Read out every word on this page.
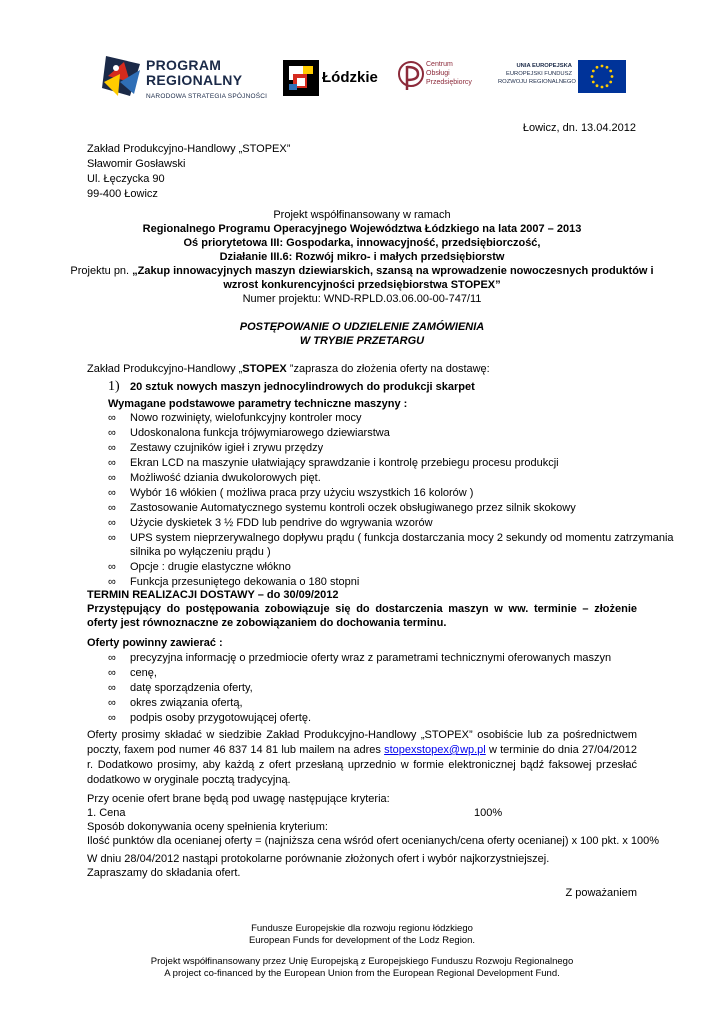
PROGRAM
REGIONALNY
NARODOWA STRATEGIA SPÓJNOŚCI
Łódzkie
Centrum
Obsługi
Przedsiębiorcy
UNIA EUROPEJSKA
EUROPEJSKI FUNDUSZ
ROZWOJU REGIONALNEGO
Łowicz, dn. 13.04.2012
Zakład Produkcyjno-Handlowy „STOPEX”
Sławomir Gosławski
Ul. Łęczycka 90
99-400 Łowicz
Projekt współfinansowany w ramach
Regionalnego Programu Operacyjnego Województwa Łódzkiego na lata 2007 – 2013
Oś priorytetowa III: Gospodarka, innowacyjność, przedsiębiorczość,
Działanie III.6: Rozwój mikro- i małych przedsiębiorstw
Projektu pn. „Zakup innowacyjnych maszyn dziewiarskich, szansą na wprowadzenie nowoczesnych produktów i
wzrost konkurencyjności przedsiębiorstwa STOPEX”
Numer projektu: WND-RPLD.03.06.00-00-747/11
POSTĘPOWANIE O UDZIELENIE ZAMÓWIENIA
W TRYBIE PRZETARGU
Zakład Produkcyjno-Handlowy „STOPEX ”zaprasza do złożenia oferty na dostawę:
1) 20 sztuk nowych maszyn jednocylindrowych do produkcji skarpet
Wymagane podstawowe parametry techniczne maszyny :
∞ Nowo rozwinięty, wielofunkcyjny kontroler mocy
∞ Udoskonalona funkcja trójwymiarowego dziewiarstwa
∞ Zestawy czujników igieł i zrywu przędzy
∞ Ekran LCD na maszynie ułatwiający sprawdzanie i kontrolę przebiegu procesu produkcji
∞ Możliwość dziania dwukolorowych pięt.
∞ Wybór 16 włókien ( możliwa praca przy użyciu wszystkich 16 kolorów )
∞ Zastosowanie Automatycznego systemu kontroli oczek obsługiwanego przez silnik skokowy
∞ Użycie dyskietek 3 ½ FDD lub pendrive do wgrywania wzorów
∞ UPS system nieprzerywalnego dopływu prądu ( funkcja dostarczania mocy 2 sekundy od momentu zatrzymania
silnika po wyłączeniu prądu )
∞ Opcje : drugie elastyczne włókno
∞ Funkcja przesuniętego dekowania o 180 stopni
TERMIN REALIZACJI DOSTAWY – do 30/09/2012
Przystępujący do postępowania zobowiązuje się do dostarczenia maszyn w ww. terminie – złożenie oferty jest równoznaczne ze zobowiązaniem do dochowania terminu.
Oferty powinny zawierać :
∞ precyzyjna informację o przedmiocie oferty wraz z parametrami technicznymi oferowanych maszyn
∞ cenę,
∞ datę sporządzenia oferty,
∞ okres związania ofertą,
∞ podpis osoby przygotowującej ofertę.
Oferty prosimy składać w siedzibie Zakład Produkcyjno-Handlowy „STOPEX” osobiście lub za pośrednictwem poczty, faxem pod numer 46 837 14 81 lub mailem na adres stopexstopex@wp.pl w terminie do dnia 27/04/2012 r. Dodatkowo prosimy, aby każdą z ofert przesłaną uprzednio w formie elektronicznej bądź faksowej przesłać dodatkowo w oryginale pocztą tradycyjną.
Przy ocenie ofert brane będą pod uwagę następujące kryteria:
1. Cena	100%
Sposób dokonywania oceny spełnienia kryterium:
Ilość punktów dla ocenianej oferty = (najniższa cena wśród ofert ocenianych/cena oferty ocenianej) x 100 pkt. x 100%
W dniu 28/04/2012 nastąpi protokolarne porównanie złożonych ofert i wybór najkorzystniejszej.
Zapraszamy do składania ofert.
Z poważaniem
Fundusze Europejskie dla rozwoju regionu łódzkiego
European Funds for development of the Lodz Region.
Projekt współfinansowany przez Unię Europejską z Europejskiego Funduszu Rozwoju Regionalnego
A project co-financed by the European Union from the European Regional Development Fund.
